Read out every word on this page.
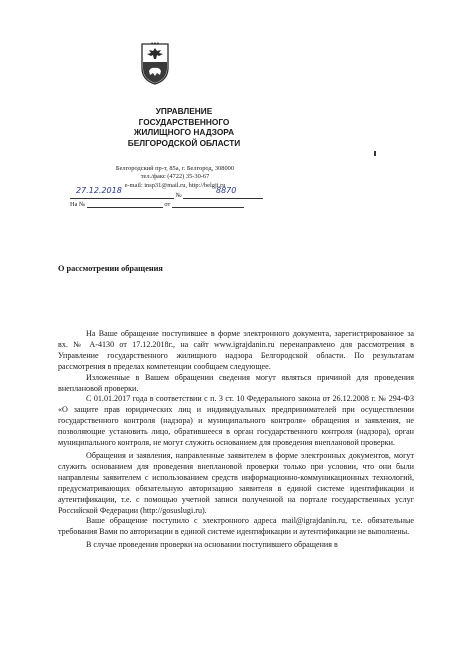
УПРАВЛЕНИЕ
ГОСУДАРСТВЕННОГО
ЖИЛИЩНОГО НАДЗОРА
БЕЛГОРОДСКОЙ ОБЛАСТИ
Белгородский пр-т, 85а, г. Белгород, 308000
тел./факс (4722) 35-30-67
e-mail: insp31@mail.ru, http://belgji.ru
№
На №	от
27.12.2018	8870
О рассмотрении обращения

На Ваше обращение поступившее в форме электронного документа, зарегистрированное за вх. № А-4130 от 17.12.2018г., на сайт www.igrajdanin.ru перенаправлено для рассмотрения в Управление государственного жилищного надзора Белгородской области. По результатам рассмотрения в пределах компетенции сообщаем следующее.

Изложенные в Вашем обращении сведения могут являться причиной для проведения внеплановой проверки.

С 01.01.2017 года в соответствии с п. 3 ст. 10 Федерального закона от 26.12.2008 г. № 294-ФЗ «О защите прав юридических лиц и индивидуальных предпринимателей при осуществлении государственного контроля (надзора) и муниципального контроля» обращения и заявления, не позволяющие установить лицо, обратившееся в орган государственного контроля (надзора), орган муниципального контроля, не могут служить основанием для проведения внеплановой проверки.

Обращения и заявления, направленные заявителем в форме электронных документов, могут служить основанием для проведения внеплановой проверки только при условии, что они были направлены заявителем с использованием средств информационно-коммуникационных технологий, предусматривающих обязательную авторизацию заявителя в единой системе идентификации и аутентификации, т.е. с помощью учетной записи полученной на портале государственных услуг Российской Федерации (http://gosuslugi.ru).

Ваше обращение поступило с электронного адреса mail@igrajdanin.ru, т.е. обязательные требования Вами по авторизации в единой системе идентификации и аутентификации не выполнены.

В случае проведения проверки на основании поступившего обращения в
